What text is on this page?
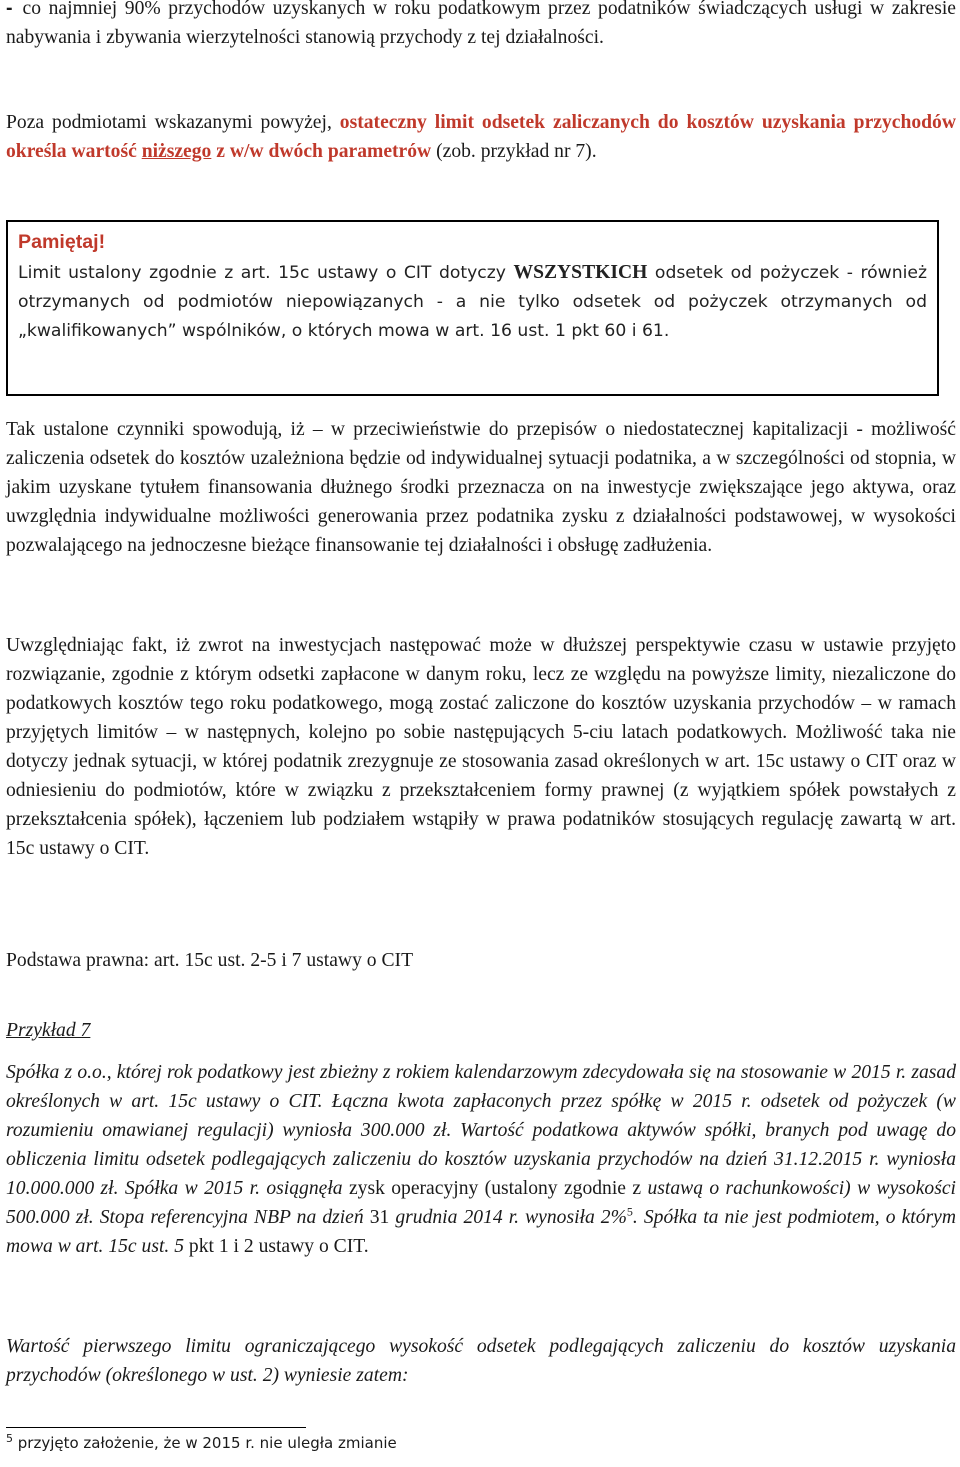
- co najmniej 90% przychodów uzyskanych w roku podatkowym przez podatników świadczących usługi w zakresie nabywania i zbywania wierzytelności stanowią przychody z tej działalności.

Poza podmiotami wskazanymi powyżej, ostateczny limit odsetek zaliczanych do kosztów uzyskania przychodów określa wartość niższego z w/w dwóch parametrów (zob. przykład nr 7).

Pamiętaj!

Limit ustalony zgodnie z art. 15c ustawy o CIT dotyczy WSZYSTKICH odsetek od pożyczek - również otrzymanych od podmiotów niepowiązanych - a nie tylko odsetek od pożyczek otrzymanych od „kwalifikowanych” wspólników, o których mowa w art. 16 ust. 1 pkt 60 i 61.

Tak ustalone czynniki spowodują, iż – w przeciwieństwie do przepisów o niedostatecznej kapitalizacji - możliwość zaliczenia odsetek do kosztów uzależniona będzie od indywidualnej sytuacji podatnika, a w szczególności od stopnia, w jakim uzyskane tytułem finansowania dłużnego środki przeznacza on na inwestycje zwiększające jego aktywa, oraz uwzględnia indywidualne możliwości generowania przez podatnika zysku z działalności podstawowej, w wysokości pozwalającego na jednoczesne bieżące finansowanie tej działalności i obsługę zadłużenia.

Uwzględniając fakt, iż zwrot na inwestycjach następować może w dłuższej perspektywie czasu w ustawie przyjęto rozwiązanie, zgodnie z którym odsetki zapłacone w danym roku, lecz ze względu na powyższe limity, niezaliczone do podatkowych kosztów tego roku podatkowego, mogą zostać zaliczone do kosztów uzyskania przychodów – w ramach przyjętych limitów – w następnych, kolejno po sobie następujących 5-ciu latach podatkowych. Możliwość taka nie dotyczy jednak sytuacji, w której podatnik zrezygnuje ze stosowania zasad określonych w art. 15c ustawy o CIT oraz w odniesieniu do podmiotów, które w związku z przekształceniem formy prawnej (z wyjątkiem spółek powstałych z przekształcenia spółek), łączeniem lub podziałem wstąpiły w prawa podatników stosujących regulację zawartą w art. 15c ustawy o CIT.

Podstawa prawna: art. 15c ust. 2-5 i 7 ustawy o CIT

Przykład 7

Spółka z o.o., której rok podatkowy jest zbieżny z rokiem kalendarzowym zdecydowała się na stosowanie w 2015 r. zasad określonych w art. 15c ustawy o CIT. Łączna kwota zapłaconych przez spółkę w 2015 r. odsetek od pożyczek (w rozumieniu omawianej regulacji) wyniosła 300.000 zł. Wartość podatkowa aktywów spółki, branych pod uwagę do obliczenia limitu odsetek podlegających zaliczeniu do kosztów uzyskania przychodów na dzień 31.12.2015 r. wyniosła 10.000.000 zł. Spółka w 2015 r. osiągnęła zysk operacyjny (ustalony zgodnie z ustawą o rachunkowości) w wysokości 500.000 zł. Stopa referencyjna NBP na dzień 31 grudnia 2014 r. wynosiła 2%$^5$. Spółka ta nie jest podmiotem, o którym mowa w art. 15c ust. 5 pkt 1 i 2 ustawy o CIT.

Wartość pierwszego limitu ograniczającego wysokość odsetek podlegających zaliczeniu do kosztów uzyskania przychodów (określonego w ust. 2) wyniesie zatem:

$^5$ przyjęto założenie, że w 2015 r. nie uległa zmianie
